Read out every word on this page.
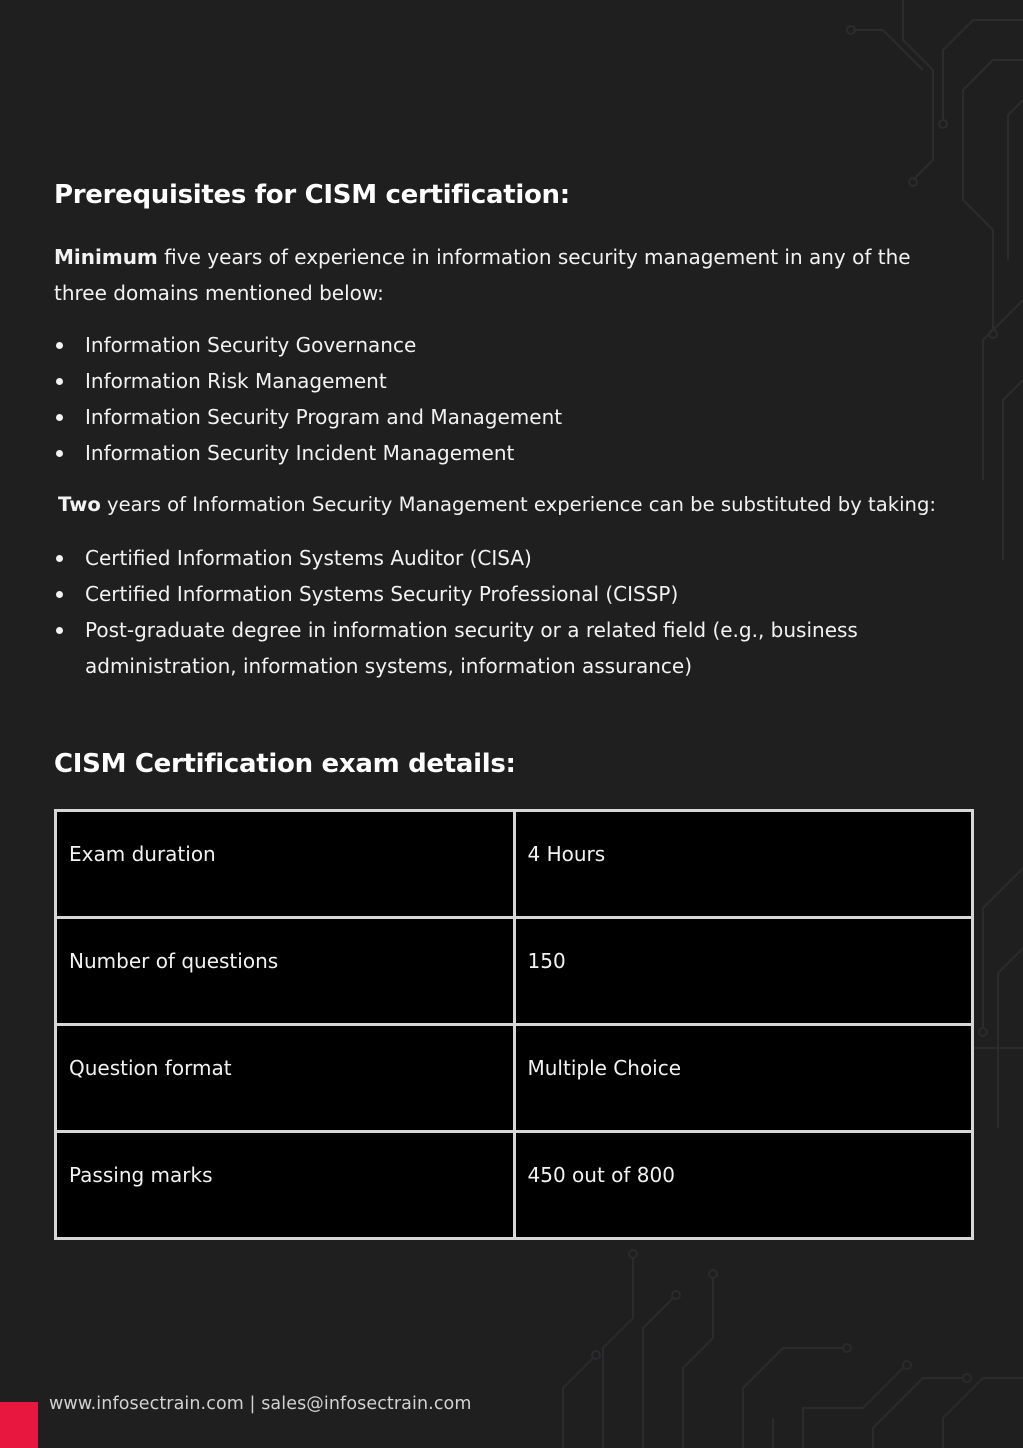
Prerequisites for CISM certification:

Minimum five years of experience in information security management in any of the three domains mentioned below:

Information Security Governance
Information Risk Management
Information Security Program and Management
Information Security Incident Management

Two years of Information Security Management experience can be substituted by taking:

Certified Information Systems Auditor (CISA)
Certified Information Systems Security Professional (CISSP)
Post-graduate degree in information security or a related field (e.g., business administration, information systems, information assurance)
CISM Certification exam details:
Exam duration	4 Hours

Number of questions	150

Question format	Multiple Choice

Passing marks	450 out of 800
www.infosectrain.com | sales@infosectrain.com
